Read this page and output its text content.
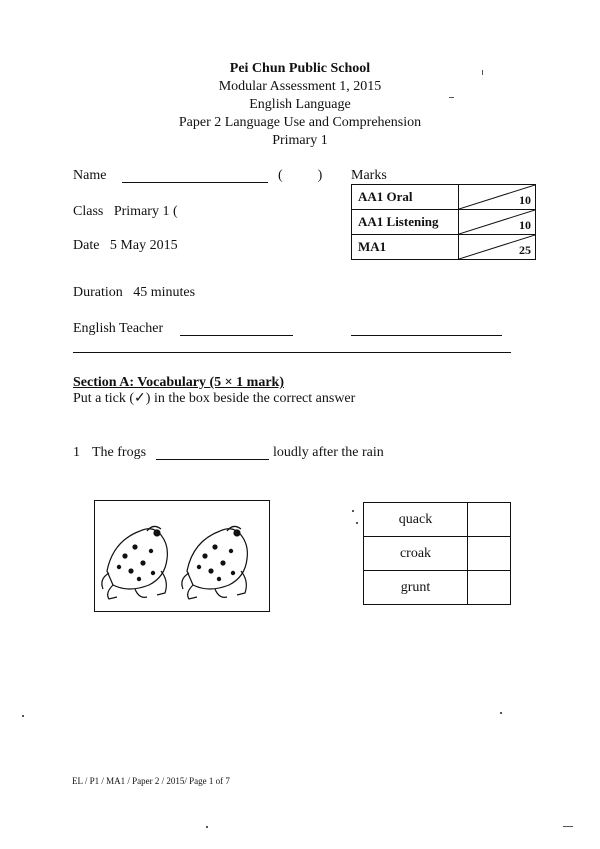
Pei Chun Public School
Modular Assessment 1, 2015
English Language
Paper 2 Language Use and Comprehension
Primary 1
Name	(          ) Marks
Class   Primary 1 (
Date   5 May 2015
AA1 Oral	10

AA1 Listening	10

MA1	25
Duration   45 minutes
English Teacher
Section A: Vocabulary (5 × 1 mark)
Put a tick (✓) in the box beside the correct answer
1 The frogs	loudly after the rain
quack	
croak	
grunt	
EL / P1 / MA1 / Paper 2 / 2015/ Page 1 of 7
